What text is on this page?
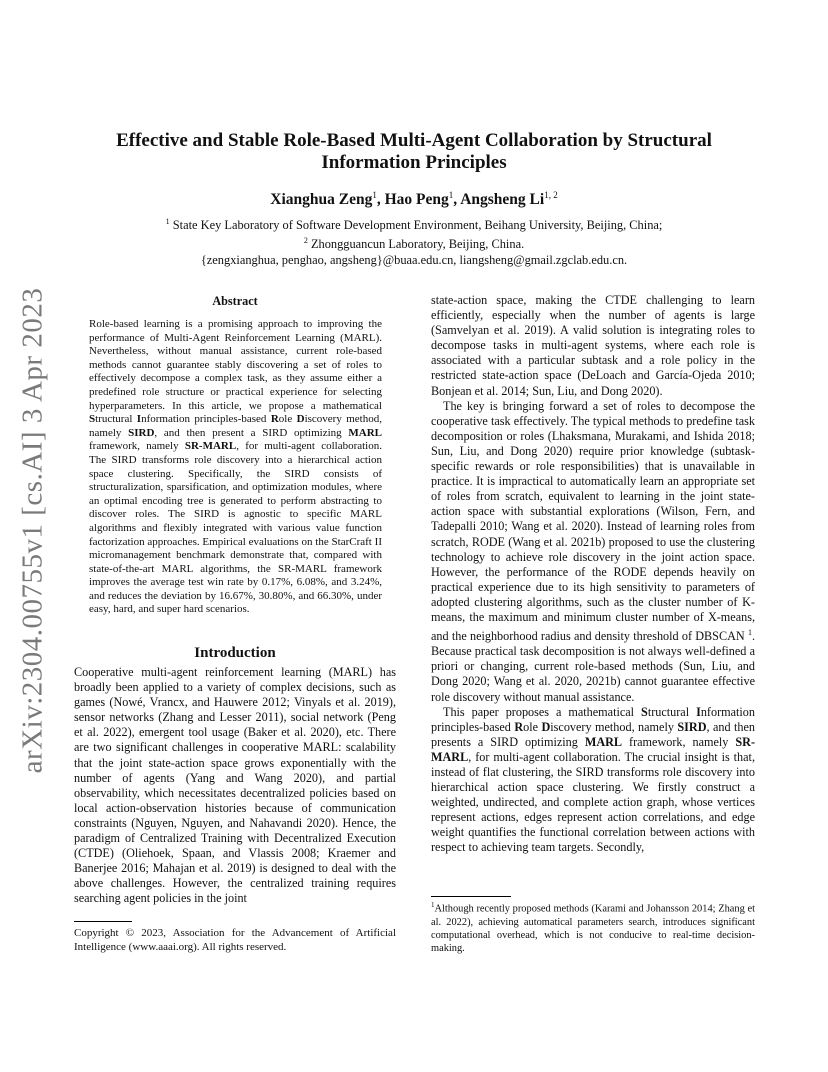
arXiv:2304.00755v1 [cs.AI] 3 Apr 2023
Effective and Stable Role-Based Multi-Agent Collaboration by Structural Information Principles
Xianghua Zeng$^1$, Hao Peng$^1$, Angsheng Li$^{1, 2}$
$^1$ State Key Laboratory of Software Development Environment, Beihang University, Beijing, China;
$^2$ Zhongguancun Laboratory, Beijing, China.
{zengxianghua, penghao, angsheng}@buaa.edu.cn, liangsheng@gmail.zgclab.edu.cn.
Abstract
Role-based learning is a promising approach to improving the performance of Multi-Agent Reinforcement Learning (MARL). Nevertheless, without manual assistance, current role-based methods cannot guarantee stably discovering a set of roles to effectively decompose a complex task, as they assume either a predefined role structure or practical experience for selecting hyperparameters. In this article, we propose a mathematical Structural Information principles-based Role Discovery method, namely SIRD, and then present a SIRD optimizing MARL framework, namely SR-MARL, for multi-agent collaboration. The SIRD transforms role discovery into a hierarchical action space clustering. Specifically, the SIRD consists of structuralization, sparsification, and optimization modules, where an optimal encoding tree is generated to perform abstracting to discover roles. The SIRD is agnostic to specific MARL algorithms and flexibly integrated with various value function factorization approaches. Empirical evaluations on the StarCraft II micromanagement benchmark demonstrate that, compared with state-of-the-art MARL algorithms, the SR-MARL framework improves the average test win rate by 0.17%, 6.08%, and 3.24%, and reduces the deviation by 16.67%, 30.80%, and 66.30%, under easy, hard, and super hard scenarios.
Introduction

Cooperative multi-agent reinforcement learning (MARL) has broadly been applied to a variety of complex decisions, such as games (Nowé, Vrancx, and Hauwere 2012; Vinyals et al. 2019), sensor networks (Zhang and Lesser 2011), social network (Peng et al. 2022), emergent tool usage (Baker et al. 2020), etc. There are two significant challenges in cooperative MARL: scalability that the joint state-action space grows exponentially with the number of agents (Yang and Wang 2020), and partial observability, which necessitates decentralized policies based on local action-observation histories because of communication constraints (Nguyen, Nguyen, and Nahavandi 2020). Hence, the paradigm of Centralized Training with Decentralized Execution (CTDE) (Oliehoek, Spaan, and Vlassis 2008; Kraemer and Banerjee 2016; Mahajan et al. 2019) is designed to deal with the above challenges. However, the centralized training requires searching agent policies in the joint

Copyright © 2023, Association for the Advancement of Artificial Intelligence (www.aaai.org). All rights reserved.

state-action space, making the CTDE challenging to learn efficiently, especially when the number of agents is large (Samvelyan et al. 2019). A valid solution is integrating roles to decompose tasks in multi-agent systems, where each role is associated with a particular subtask and a role policy in the restricted state-action space (DeLoach and García-Ojeda 2010; Bonjean et al. 2014; Sun, Liu, and Dong 2020).

The key is bringing forward a set of roles to decompose the cooperative task effectively. The typical methods to predefine task decomposition or roles (Lhaksmana, Murakami, and Ishida 2018; Sun, Liu, and Dong 2020) require prior knowledge (subtask-specific rewards or role responsibilities) that is unavailable in practice. It is impractical to automatically learn an appropriate set of roles from scratch, equivalent to learning in the joint state-action space with substantial explorations (Wilson, Fern, and Tadepalli 2010; Wang et al. 2020). Instead of learning roles from scratch, RODE (Wang et al. 2021b) proposed to use the clustering technology to achieve role discovery in the joint action space. However, the performance of the RODE depends heavily on practical experience due to its high sensitivity to parameters of adopted clustering algorithms, such as the cluster number of K-means, the maximum and minimum cluster number of X-means, and the neighborhood radius and density threshold of DBSCAN $^1$. Because practical task decomposition is not always well-defined a priori or changing, current role-based methods (Sun, Liu, and Dong 2020; Wang et al. 2020, 2021b) cannot guarantee effective role discovery without manual assistance.

This paper proposes a mathematical Structural Information principles-based Role Discovery method, namely SIRD, and then presents a SIRD optimizing MARL framework, namely SR-MARL, for multi-agent collaboration. The crucial insight is that, instead of flat clustering, the SIRD transforms role discovery into hierarchical action space clustering. We firstly construct a weighted, undirected, and complete action graph, whose vertices represent actions, edges represent action correlations, and edge weight quantifies the functional correlation between actions with respect to achieving team targets. Secondly,

$^1$Although recently proposed methods (Karami and Johansson 2014; Zhang et al. 2022), achieving automatical parameters search, introduces significant computational overhead, which is not conducive to real-time decision-making.
